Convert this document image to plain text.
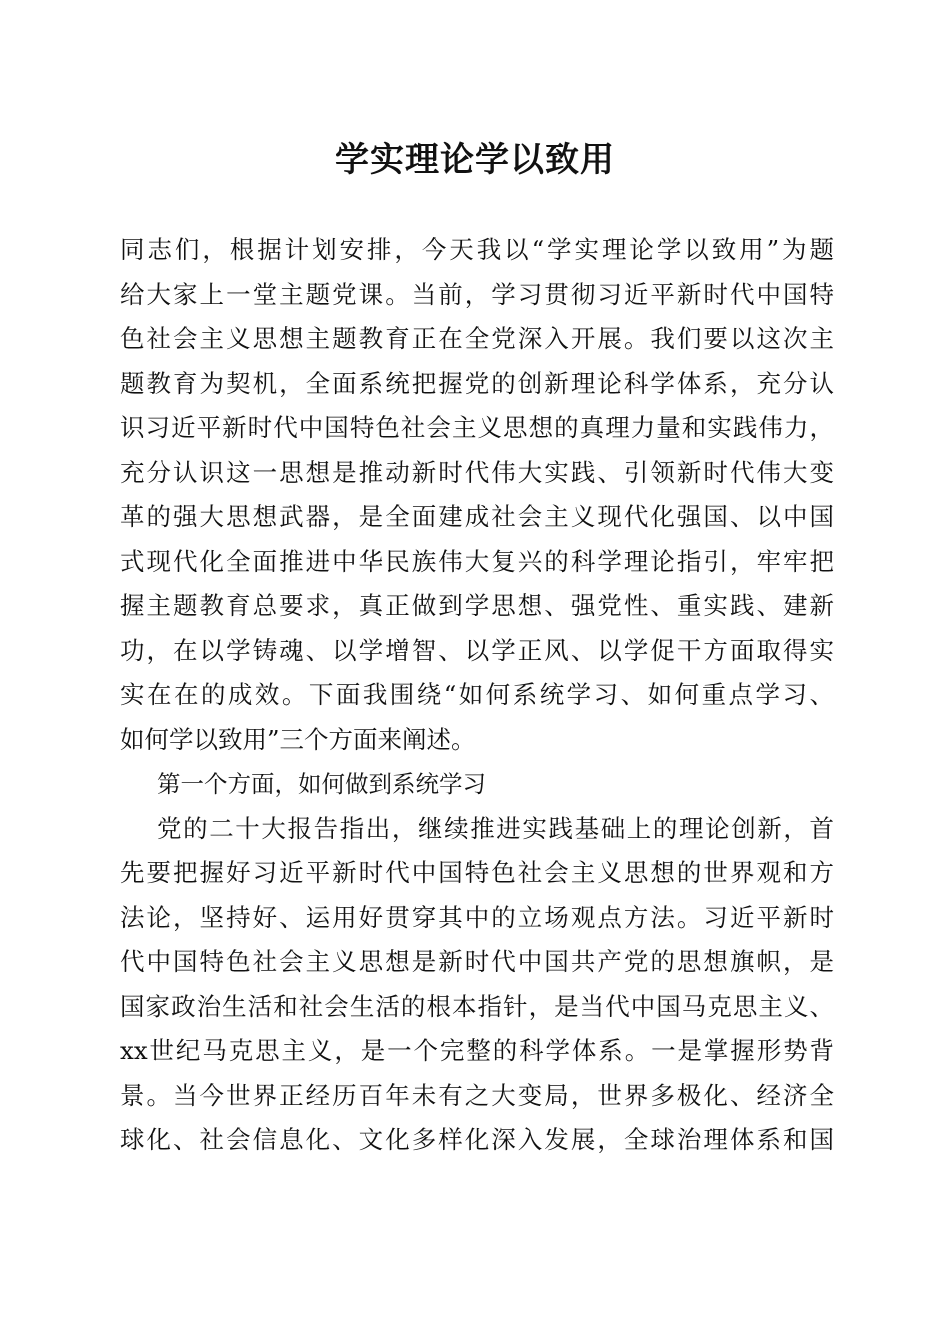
学实理论学以致用
同志们，根据计划安排，今天我以“学实理论学以致用”为题
给大家上一堂主题党课。当前，学习贯彻习近平新时代中国特
色社会主义思想主题教育正在全党深入开展。我们要以这次主
题教育为契机，全面系统把握党的创新理论科学体系，充分认
识习近平新时代中国特色社会主义思想的真理力量和实践伟力，
充分认识这一思想是推动新时代伟大实践、引领新时代伟大变
革的强大思想武器，是全面建成社会主义现代化强国、以中国
式现代化全面推进中华民族伟大复兴的科学理论指引，牢牢把
握主题教育总要求，真正做到学思想、强党性、重实践、建新
功，在以学铸魂、以学增智、以学正风、以学促干方面取得实
实在在的成效。下面我围绕“如何系统学习、如何重点学习、
如何学以致用”三个方面来阐述。
第一个方面，如何做到系统学习
党的二十大报告指出，继续推进实践基础上的理论创新，首
先要把握好习近平新时代中国特色社会主义思想的世界观和方
法论，坚持好、运用好贯穿其中的立场观点方法。习近平新时
代中国特色社会主义思想是新时代中国共产党的思想旗帜，是
国家政治生活和社会生活的根本指针，是当代中国马克思主义、
xx世纪马克思主义，是一个完整的科学体系。一是掌握形势背
景。当今世界正经历百年未有之大变局，世界多极化、经济全
球化、社会信息化、文化多样化深入发展，全球治理体系和国
